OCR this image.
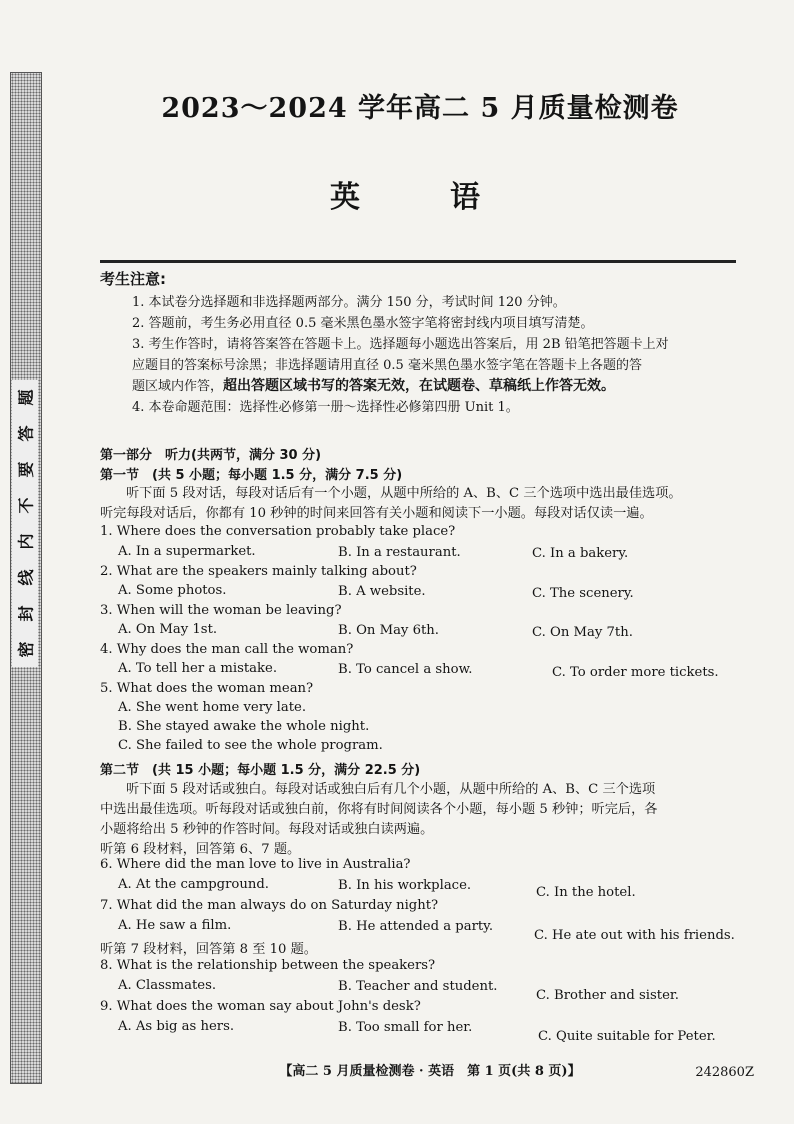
题
答
要
不
内
线
封
密
2023～2024 学年高二 5 月质量检测卷
英　语
考生注意:

1. 本试卷分选择题和非选择题两部分。满分 150 分，考试时间 120 分钟。

2. 答题前，考生务必用直径 0.5 毫米黑色墨水签字笔将密封线内项目填写清楚。

3. 考生作答时，请将答案答在答题卡上。选择题每小题选出答案后，用 2B 铅笔把答题卡上对

应题目的答案标号涂黑；非选择题请用直径 0.5 毫米黑色墨水签字笔在答题卡上各题的答

题区域内作答，超出答题区域书写的答案无效，在试题卷、草稿纸上作答无效。

4. 本卷命题范围：选择性必修第一册～选择性必修第四册 Unit 1。

第一部分　听力(共两节，满分 30 分)
第一节　(共 5 小题；每小题 1.5 分，满分 7.5 分)

听下面 5 段对话，每段对话后有一个小题，从题中所给的 A、B、C 三个选项中选出最佳选项。

听完每段对话后，你都有 10 秒钟的时间来回答有关小题和阅读下一小题。每段对话仅读一遍。

1. Where does the conversation probably take place?
A. In a supermarket.	B. In a restaurant.	C. In a bakery.
2. What are the speakers mainly talking about?
A. Some photos.	B. A website.	C. The scenery.
3. When will the woman be leaving?
A. On May 1st.	B. On May 6th.	C. On May 7th.
4. Why does the man call the woman?
A. To tell her a mistake.	B. To cancel a show.	C. To order more tickets.
5. What does the woman mean?
A. She went home very late.
B. She stayed awake the whole night.
C. She failed to see the whole program.
第二节　(共 15 小题；每小题 1.5 分，满分 22.5 分)

听下面 5 段对话或独白。每段对话或独白后有几个小题，从题中所给的 A、B、C 三个选项

中选出最佳选项。听每段对话或独白前，你将有时间阅读各个小题，每小题 5 秒钟；听完后，各

小题将给出 5 秒钟的作答时间。每段对话或独白读两遍。

听第 6 段材料，回答第 6、7 题。
6. Where did the man love to live in Australia?
A. At the campground.	B. In his workplace.	C. In the hotel.
7. What did the man always do on Saturday night?
A. He saw a film.	B. He attended a party.
C. He ate out with his friends.
听第 7 段材料，回答第 8 至 10 题。
8. What is the relationship between the speakers?
A. Classmates.	B. Teacher and student.
C. Brother and sister.
9. What does the woman say about John's desk?
A. As big as hers.	B. Too small for her.
C. Quite suitable for Peter.
【高二 5 月质量检测卷 · 英语　第 1 页(共 8 页)】	242860Z
